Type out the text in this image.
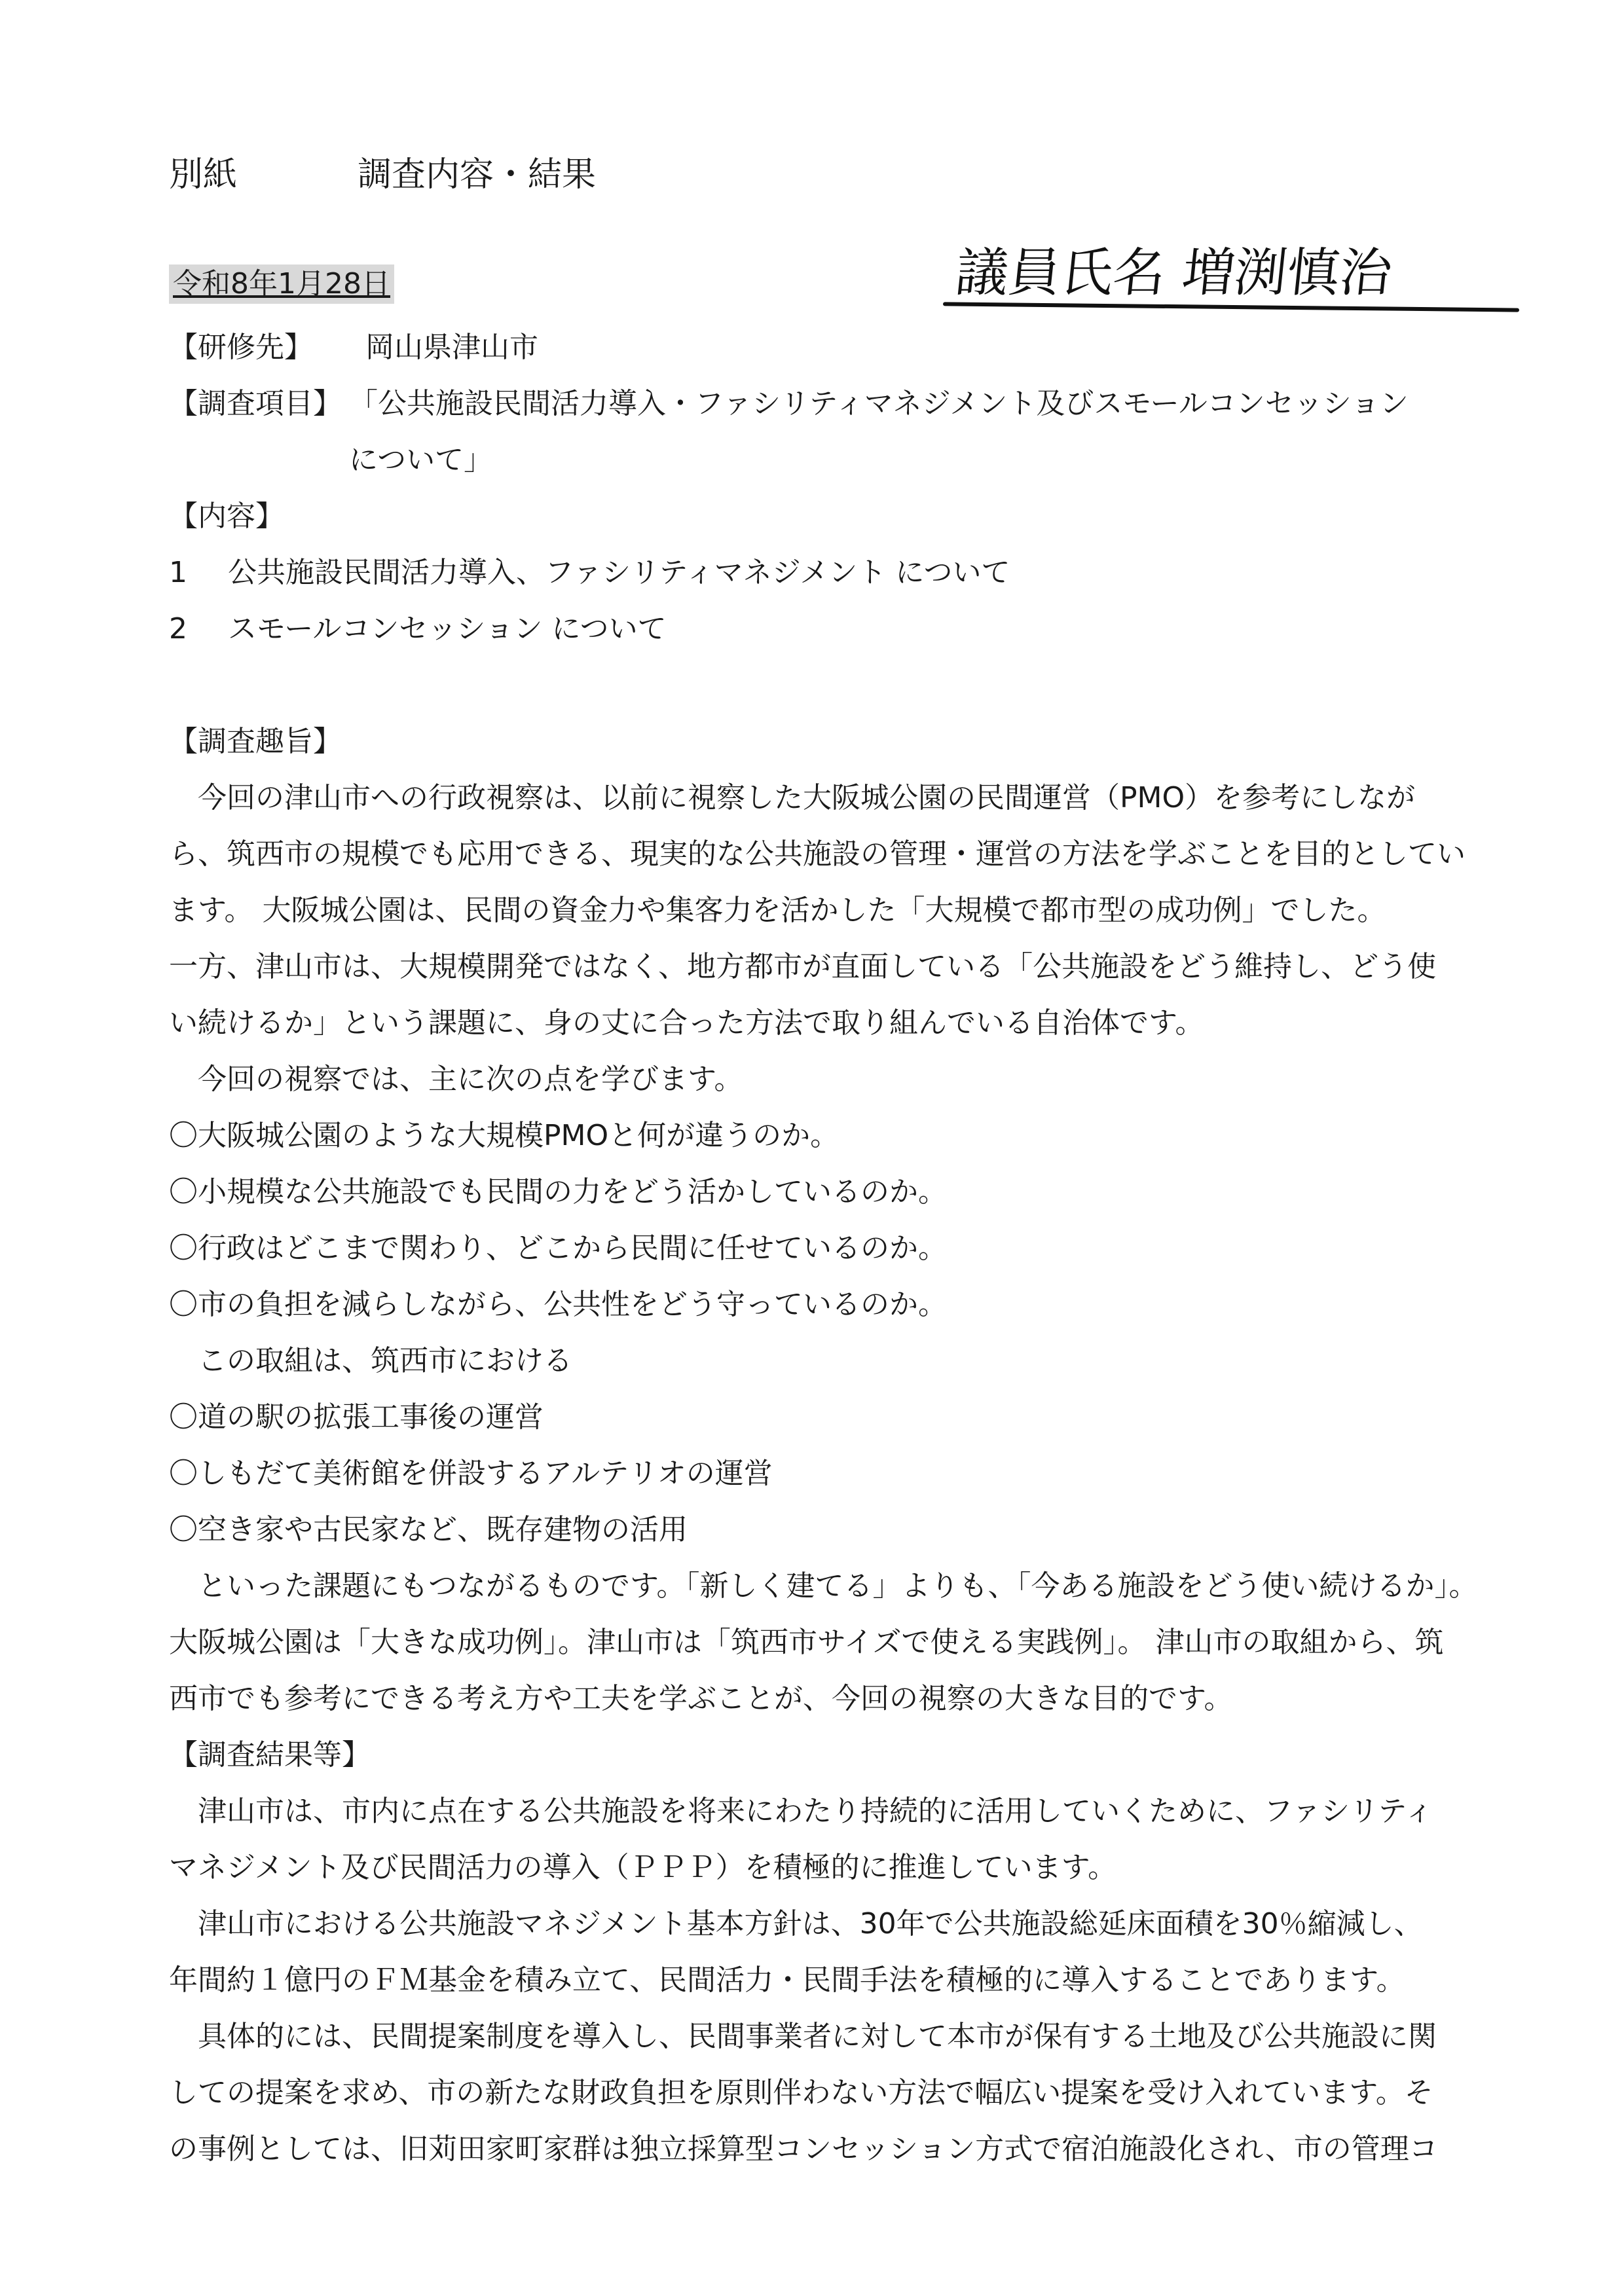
別紙	調査内容・結果
令和8年1月28日	議員氏名 増渕慎治
【研修先】 岡山県津山市
【調査項目】 「公共施設民間活力導入・ファシリティマネジメント及びスモールコンセッション
について」
【内容】
1 公共施設民間活力導入、ファシリティマネジメント について
2 スモールコンセッション について
【調査趣旨】
今回の津山市への行政視察は、以前に視察した大阪城公園の民間運営（PMO）を参考にしなが
ら、筑西市の規模でも応用できる、現実的な公共施設の管理・運営の方法を学ぶことを目的としてい
ます。 大阪城公園は、民間の資金力や集客力を活かした「大規模で都市型の成功例」でした。
一方、津山市は、大規模開発ではなく、地方都市が直面している「公共施設をどう維持し、どう使
い続けるか」という課題に、身の丈に合った方法で取り組んでいる自治体です。
今回の視察では、主に次の点を学びます。
〇大阪城公園のような大規模PMOと何が違うのか。
〇小規模な公共施設でも民間の力をどう活かしているのか。
〇行政はどこまで関わり、どこから民間に任せているのか。
〇市の負担を減らしながら、公共性をどう守っているのか。
この取組は、筑西市における
〇道の駅の拡張工事後の運営
〇しもだて美術館を併設するアルテリオの運営
〇空き家や古民家など、既存建物の活用
といった課題にもつながるものです。「新しく建てる」よりも、「今ある施設をどう使い続けるか」。
大阪城公園は「大きな成功例」。津山市は「筑西市サイズで使える実践例」。 津山市の取組から、筑
西市でも参考にできる考え方や工夫を学ぶことが、今回の視察の大きな目的です。
【調査結果等】
津山市は、市内に点在する公共施設を将来にわたり持続的に活用していくために、ファシリティ
マネジメント及び民間活力の導入（ＰＰＰ）を積極的に推進しています。
津山市における公共施設マネジメント基本方針は、30年で公共施設総延床面積を30％縮減し、
年間約１億円のＦＭ基金を積み立て、民間活力・民間手法を積極的に導入することであります。
具体的には、民間提案制度を導入し、民間事業者に対して本市が保有する土地及び公共施設に関
しての提案を求め、市の新たな財政負担を原則伴わない方法で幅広い提案を受け入れています。そ
の事例としては、旧苅田家町家群は独立採算型コンセッション方式で宿泊施設化され、市の管理コ
